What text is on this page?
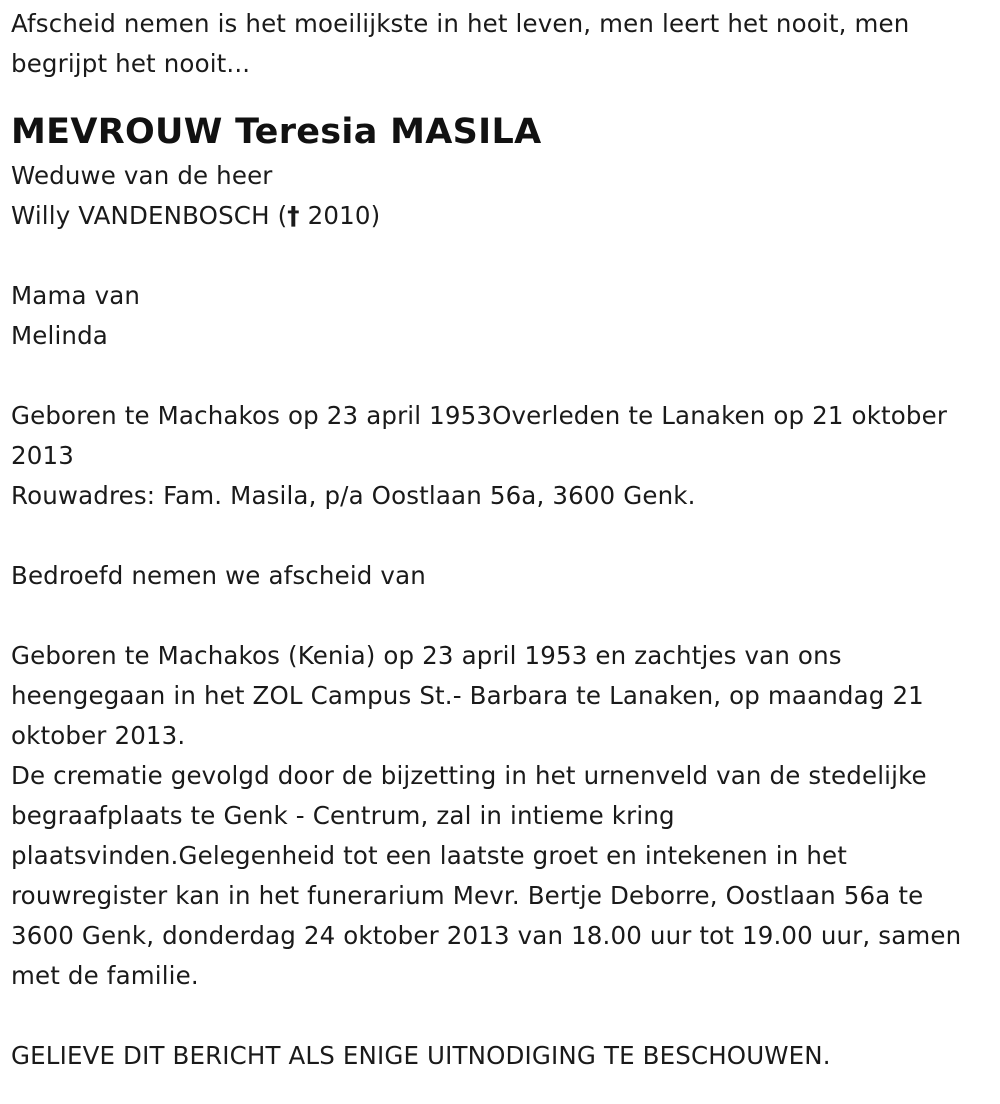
Afscheid nemen is het moeilijkste in het leven, men leert het nooit, men begrijpt het nooit...

MEVROUW Teresia MASILA

Weduwe van de heer

Willy VANDENBOSCH († 2010)

Mama van

Melinda

Geboren te Machakos op 23 april 1953Overleden te Lanaken op 21 oktober 2013

Rouwadres: Fam. Masila, p/a Oostlaan 56a, 3600 Genk.

Bedroefd nemen we afscheid van

Geboren te Machakos (Kenia) op 23 april 1953 en zachtjes van ons heengegaan in het ZOL Campus St.- Barbara te Lanaken, op maandag 21 oktober 2013.

De crematie gevolgd door de bijzetting in het urnenveld van de stedelijke begraafplaats te Genk - Centrum, zal in intieme kring plaatsvinden.Gelegenheid tot een laatste groet en intekenen in het rouwregister kan in het funerarium Mevr. Bertje Deborre, Oostlaan 56a te 3600 Genk, donderdag 24 oktober 2013 van 18.00 uur tot 19.00 uur, samen met de familie.

GELIEVE DIT BERICHT ALS ENIGE UITNODIGING TE BESCHOUWEN.
